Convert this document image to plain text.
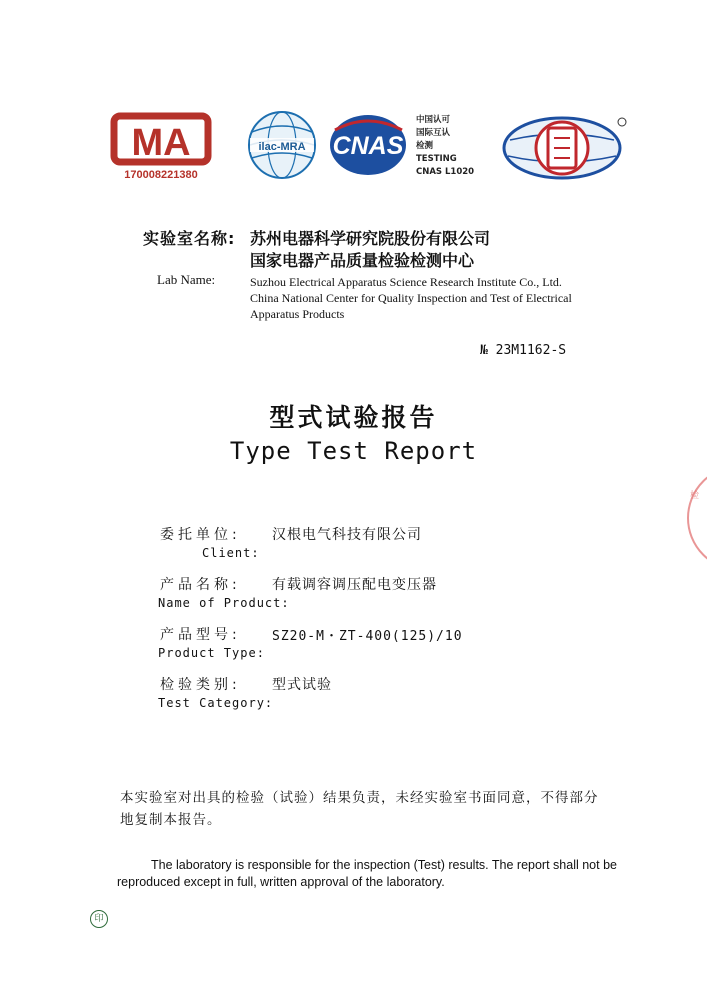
MA
170008221380
ilac-MRA CNAS
中国认可
国际互认
检测
TESTING
CNAS L1020
实验室名称: 苏州电器科学研究院股份有限公司
国家电器产品质量检验检测中心
Lab Name:	Suzhou Electrical Apparatus Science Research Institute Co., Ltd.
China National Center for Quality Inspection and Test of Electrical
Apparatus Products
№ 23M1162-S
型式试验报告
Type Test Report
委托单位: 汉根电气科技有限公司
Client:
产品名称: 有载调容调压配电变压器
Name of Product:
产品型号: SZ20-M・ZT-400(125)/10
Product Type:
检验类别: 型式试验
Test Category:
本实验室对出具的检验（试验）结果负责，未经实验室书面同意，不得部分地复制本报告。
The laboratory is responsible for the inspection (Test) results. The report shall not be reproduced except in full, written approval of the laboratory.
检
印
